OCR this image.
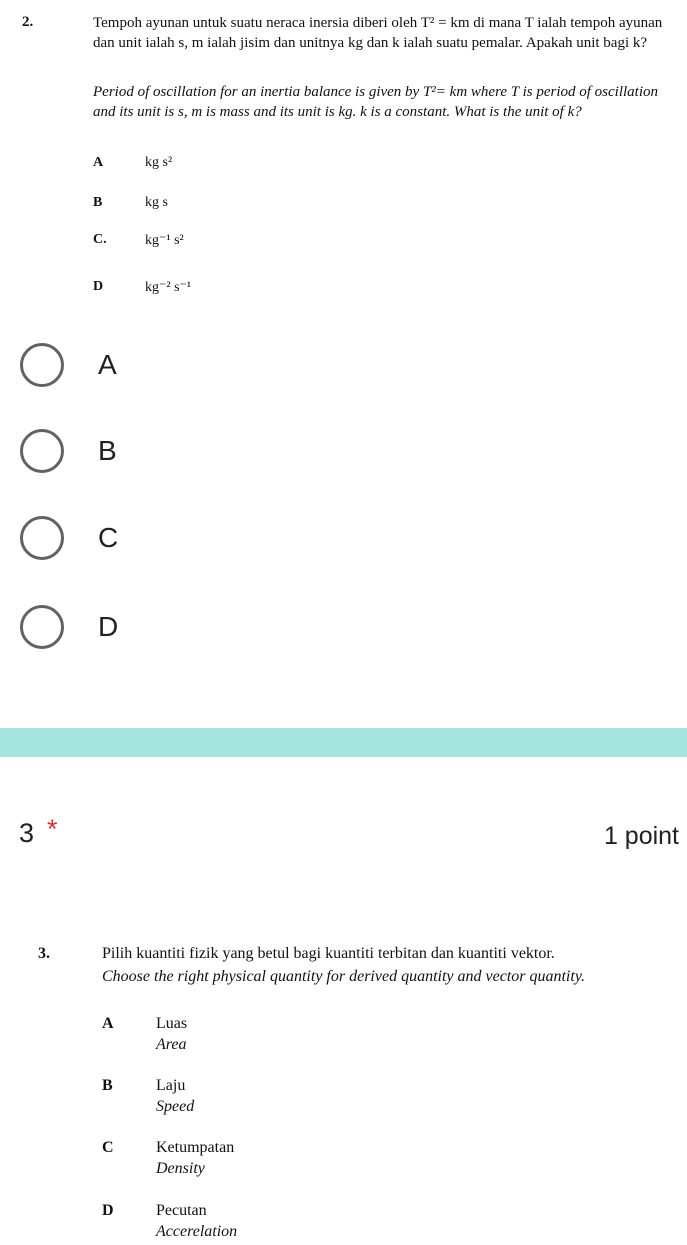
2.	Tempoh ayunan untuk suatu neraca inersia diberi oleh T² = km di mana T ialah tempoh ayunan dan unit ialah s, m ialah jisim dan unitnya kg dan k ialah suatu pemalar. Apakah unit bagi k?
Period of oscillation for an inertia balance is given by T²= km where T is period of oscillation and its unit is s, m is mass and its unit is kg. k is a constant. What is the unit of k?
A	kg s²
B	kg s
C.	kg⁻¹ s²
D	kg⁻² s⁻¹
A
B
C
D
3 *	1 point
3.	Pilih kuantiti fizik yang betul bagi kuantiti terbitan dan kuantiti vektor.
Choose the right physical quantity for derived quantity and vector quantity.
A	Luas
Area
B	Laju
Speed
C	Ketumpatan
Density
D	Pecutan
Accerelation
